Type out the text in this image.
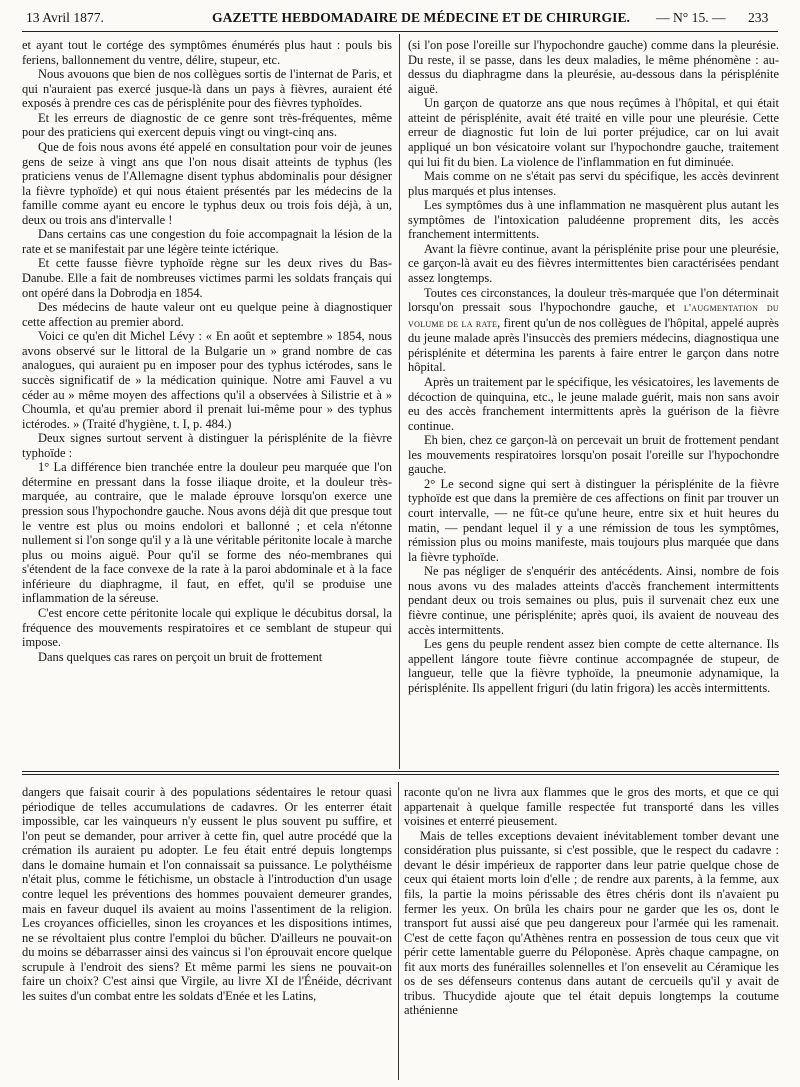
13 Avril 1877.	GAZETTE HEBDOMADAIRE DE MÉDECINE ET DE CHIRURGIE. — N° 15. — 233

et ayant tout le cortége des symptômes énumérés plus haut : pouls bis feriens, ballonnement du ventre, délire, stupeur, etc.

Nous avouons que bien de nos collègues sortis de l'internat de Paris, et qui n'auraient pas exercé jusque-là dans un pays à fièvres, auraient été exposés à prendre ces cas de périsplénite pour des fièvres typhoïdes.

Et les erreurs de diagnostic de ce genre sont très-fréquentes, même pour des praticiens qui exercent depuis vingt ou vingt-cinq ans.

Que de fois nous avons été appelé en consultation pour voir de jeunes gens de seize à vingt ans que l'on nous disait atteints de typhus (les praticiens venus de l'Allemagne disent typhus abdominalis pour désigner la fièvre typhoïde) et qui nous étaient présentés par les médecins de la famille comme ayant eu encore le typhus deux ou trois fois déjà, à un, deux ou trois ans d'intervalle !

Dans certains cas une congestion du foie accompagnait la lésion de la rate et se manifestait par une légère teinte ictérique.

Et cette fausse fièvre typhoïde règne sur les deux rives du Bas-Danube. Elle a fait de nombreuses victimes parmi les soldats français qui ont opéré dans la Dobrodja en 1854.

Des médecins de haute valeur ont eu quelque peine à diagnostiquer cette affection au premier abord.

Voici ce qu'en dit Michel Lévy : « En août et septembre » 1854, nous avons observé sur le littoral de la Bulgarie un » grand nombre de cas analogues, qui auraient pu en imposer pour des typhus ictérodes, sans le succès significatif de » la médication quinique. Notre ami Fauvel a vu céder au » même moyen des affections qu'il a observées à Silistrie et à » Choumla, et qu'au premier abord il prenait lui-même pour » des typhus ictérodes. » (Traité d'hygiène, t. I, p. 484.)

Deux signes surtout servent à distinguer la périsplénite de la fièvre typhoïde :

1° La différence bien tranchée entre la douleur peu marquée que l'on détermine en pressant dans la fosse iliaque droite, et la douleur très-marquée, au contraire, que le malade éprouve lorsqu'on exerce une pression sous l'hypochondre gauche. Nous avons déjà dit que presque tout le ventre est plus ou moins endolori et ballonné ; et cela n'étonne nullement si l'on songe qu'il y a là une véritable péritonite locale à marche plus ou moins aiguë. Pour qu'il se forme des néo-membranes qui s'étendent de la face convexe de la rate à la paroi abdominale et à la face inférieure du diaphragme, il faut, en effet, qu'il se produise une inflammation de la séreuse.

C'est encore cette péritonite locale qui explique le décubitus dorsal, la fréquence des mouvements respiratoires et ce semblant de stupeur qui impose.

Dans quelques cas rares on perçoit un bruit de frottement

(si l'on pose l'oreille sur l'hypochondre gauche) comme dans la pleurésie. Du reste, il se passe, dans les deux maladies, le même phénomène : au-dessus du diaphragme dans la pleurésie, au-dessous dans la périsplénite aiguë.

Un garçon de quatorze ans que nous reçûmes à l'hôpital, et qui était atteint de périsplénite, avait été traité en ville pour une pleurésie. Cette erreur de diagnostic fut loin de lui porter préjudice, car on lui avait appliqué un bon vésicatoire volant sur l'hypochondre gauche, traitement qui lui fit du bien. La violence de l'inflammation en fut diminuée.

Mais comme on ne s'était pas servi du spécifique, les accès devinrent plus marqués et plus intenses.

Les symptômes dus à une inflammation ne masquèrent plus autant les symptômes de l'intoxication paludéenne proprement dits, les accès franchement intermittents.

Avant la fièvre continue, avant la périsplénite prise pour une pleurésie, ce garçon-là avait eu des fièvres intermittentes bien caractérisées pendant assez longtemps.

Toutes ces circonstances, la douleur très-marquée que l'on déterminait lorsqu'on pressait sous l'hypochondre gauche, et l'augmentation du volume de la rate, firent qu'un de nos collègues de l'hôpital, appelé auprès du jeune malade après l'insuccès des premiers médecins, diagnostiqua une périsplénite et détermina les parents à faire entrer le garçon dans notre hôpital.

Après un traitement par le spécifique, les vésicatoires, les lavements de décoction de quinquina, etc., le jeune malade guérit, mais non sans avoir eu des accès franchement intermittents après la guérison de la fièvre continue.

Eh bien, chez ce garçon-là on percevait un bruit de frottement pendant les mouvements respiratoires lorsqu'on posait l'oreille sur l'hypochondre gauche.

2° Le second signe qui sert à distinguer la périsplénite de la fièvre typhoïde est que dans la première de ces affections on finit par trouver un court intervalle, — ne fût-ce qu'une heure, entre six et huit heures du matin, — pendant lequel il y a une rémission de tous les symptômes, rémission plus ou moins manifeste, mais toujours plus marquée que dans la fièvre typhoïde.

Ne pas négliger de s'enquérir des antécédents. Ainsi, nombre de fois nous avons vu des malades atteints d'accès franchement intermittents pendant deux ou trois semaines ou plus, puis il survenait chez eux une fièvre continue, une périsplénite; après quoi, ils avaient de nouveau des accès intermittents.

Les gens du peuple rendent assez bien compte de cette alternance. Ils appellent lángore toute fièvre continue accompagnée de stupeur, de langueur, telle que la fièvre typhoïde, la pneumonie adynamique, la périsplénite. Ils appellent friguri (du latin frigora) les accès intermittents.

dangers que faisait courir à des populations sédentaires le retour quasi périodique de telles accumulations de cadavres. Or les enterrer était impossible, car les vainqueurs n'y eussent le plus souvent pu suffire, et l'on peut se demander, pour arriver à cette fin, quel autre procédé que la crémation ils auraient pu adopter. Le feu était entré depuis longtemps dans le domaine humain et l'on connaissait sa puissance. Le polythéisme n'était plus, comme le fétichisme, un obstacle à l'introduction d'un usage contre lequel les préventions des hommes pouvaient demeurer grandes, mais en faveur duquel ils avaient au moins l'assentiment de la religion. Les croyances officielles, sinon les croyances et les dispositions intimes, ne se révoltaient plus contre l'emploi du bûcher. D'ailleurs ne pouvait-on du moins se débarrasser ainsi des vaincus si l'on éprouvait encore quelque scrupule à l'endroit des siens? Et même parmi les siens ne pouvait-on faire un choix? C'est ainsi que Virgile, au livre XI de l'Énéide, décrivant les suites d'un combat entre les soldats d'Enée et les Latins,

raconte qu'on ne livra aux flammes que le gros des morts, et que ce qui appartenait à quelque famille respectée fut transporté dans les villes voisines et enterré pieusement.

Mais de telles exceptions devaient inévitablement tomber devant une considération plus puissante, si c'est possible, que le respect du cadavre : devant le désir impérieux de rapporter dans leur patrie quelque chose de ceux qui étaient morts loin d'elle ; de rendre aux parents, à la femme, aux fils, la partie la moins périssable des êtres chéris dont ils n'avaient pu fermer les yeux. On brûla les chairs pour ne garder que les os, dont le transport fut aussi aisé que peu dangereux pour l'armée qui les ramenait. C'est de cette façon qu'Athènes rentra en possession de tous ceux que vit périr cette lamentable guerre du Péloponèse. Après chaque campagne, on fit aux morts des funérailles solennelles et l'on ensevelit au Céramique les os de ses défenseurs contenus dans autant de cercueils qu'il y avait de tribus. Thucydide ajoute que tel était depuis longtemps la coutume athénienne
